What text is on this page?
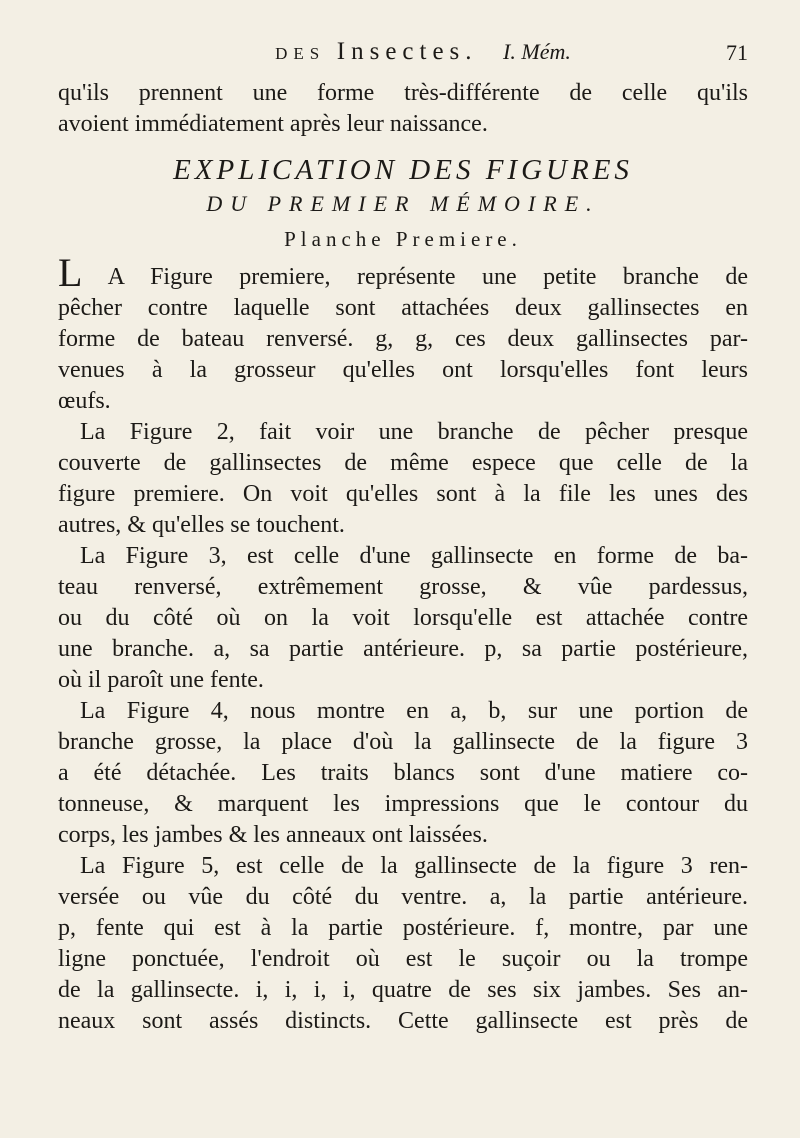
DES Insectes. I. Mém.	71
qu'ils prennent une forme très-différente de celle qu'ils
avoient immédiatement après leur naissance.
EXPLICATION DES FIGURES
DU PREMIER MÉMOIRE.
Planche Premiere.
L A Figure premiere, représente une petite branche de
pêcher contre laquelle sont attachées deux gallinsectes en
forme de bateau renversé. g, g, ces deux gallinsectes par-
venues à la grosseur qu'elles ont lorsqu'elles font leurs
œufs.
La Figure 2, fait voir une branche de pêcher presque
couverte de gallinsectes de même espece que celle de la
figure premiere. On voit qu'elles sont à la file les unes des
autres, & qu'elles se touchent.
La Figure 3, est celle d'une gallinsecte en forme de ba-
teau renversé, extrêmement grosse, & vûe pardessus,
ou du côté où on la voit lorsqu'elle est attachée contre
une branche. a, sa partie antérieure. p, sa partie postérieure,
où il paroît une fente.
La Figure 4, nous montre en a, b, sur une portion de
branche grosse, la place d'où la gallinsecte de la figure 3
a été détachée. Les traits blancs sont d'une matiere co-
tonneuse, & marquent les impressions que le contour du
corps, les jambes & les anneaux ont laissées.
La Figure 5, est celle de la gallinsecte de la figure 3 ren-
versée ou vûe du côté du ventre. a, la partie antérieure.
p, fente qui est à la partie postérieure. f, montre, par une
ligne ponctuée, l'endroit où est le suçoir ou la trompe
de la gallinsecte. i, i, i, i, quatre de ses six jambes. Ses an-
neaux sont assés distincts. Cette gallinsecte est près de
